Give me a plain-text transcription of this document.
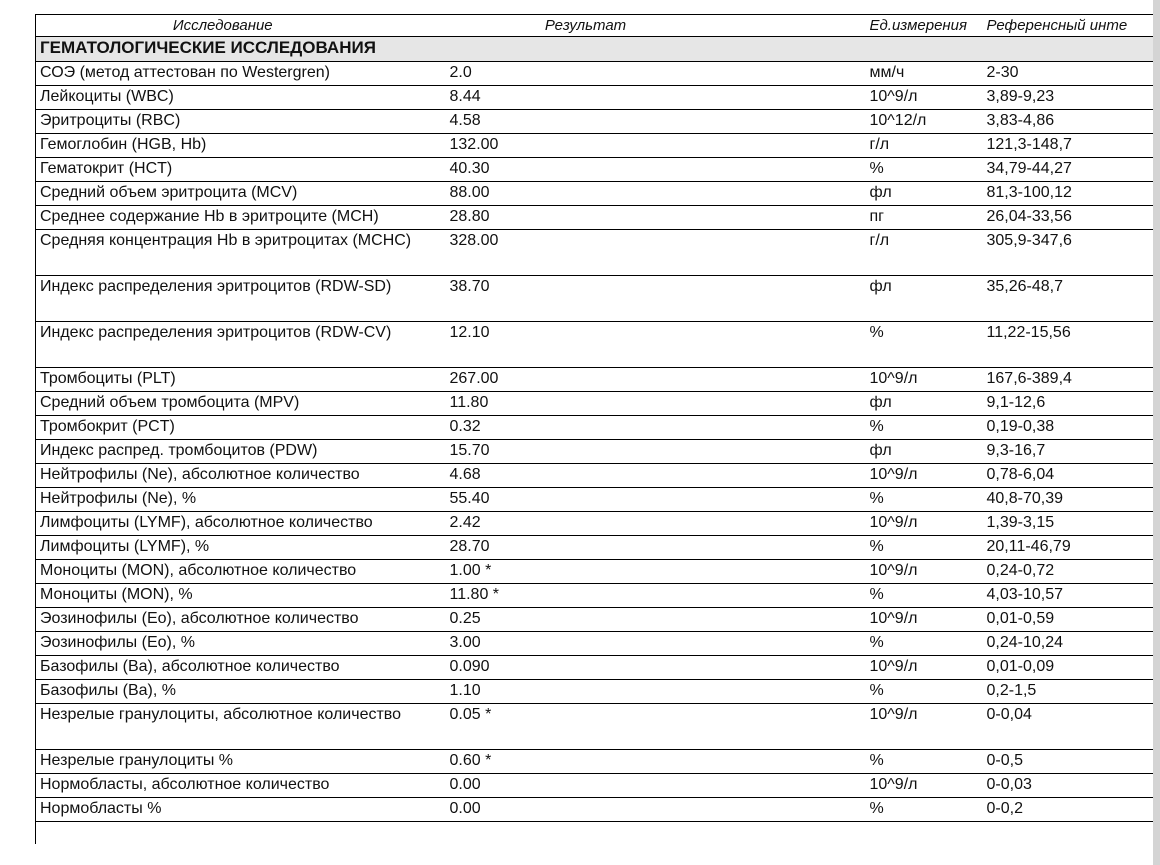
Исследование	Результат	Ед.измерения	Референсный инте
ГЕМАТОЛОГИЧЕСКИЕ ИССЛЕДОВАНИЯ			
СОЭ (метод аттестован по Westergren)	2.0	мм/ч	2-30
Лейкоциты (WBC)	8.44	10^9/л	3,89-9,23
Эритроциты (RBC)	4.58	10^12/л	3,83-4,86
Гемоглобин (HGB, Hb)	132.00	г/л	121,3-148,7
Гематокрит (HCT)	40.30	%	34,79-44,27
Средний объем эритроцита (MCV)	88.00	фл	81,3-100,12
Среднее содержание Hb в эритроците (MCH)	28.80	пг	26,04-33,56
Средняя концентрация Hb в эритроцитах (MCHC)	328.00	г/л	305,9-347,6
Индекс распределения эритроцитов (RDW-SD)	38.70	фл	35,26-48,7
Индекс распределения эритроцитов (RDW-CV)	12.10	%	11,22-15,56
Тромбоциты (PLT)	267.00	10^9/л	167,6-389,4
Средний объем тромбоцита (MPV)	11.80	фл	9,1-12,6
Тромбокрит (PCT)	0.32	%	0,19-0,38
Индекс распред. тромбоцитов (PDW)	15.70	фл	9,3-16,7
Нейтрофилы (Ne), абсолютное количество	4.68	10^9/л	0,78-6,04
Нейтрофилы (Ne), %	55.40	%	40,8-70,39
Лимфоциты (LYMF), абсолютное количество	2.42	10^9/л	1,39-3,15
Лимфоциты (LYMF), %	28.70	%	20,11-46,79
Моноциты (MON), абсолютное количество	1.00 *	10^9/л	0,24-0,72
Моноциты (MON), %	11.80 *	%	4,03-10,57
Эозинофилы (Eo), абсолютное количество	0.25	10^9/л	0,01-0,59
Эозинофилы (Eo), %	3.00	%	0,24-10,24
Базофилы (Ba), абсолютное количество	0.090	10^9/л	0,01-0,09
Базофилы (Ba), %	1.10	%	0,2-1,5
Незрелые гранулоциты, абсолютное количество	0.05 *	10^9/л	0-0,04
Незрелые гранулоциты %	0.60 *	%	0-0,5
Нормобласты, абсолютное количество	0.00	10^9/л	0-0,03
Нормобласты %	0.00	%	0-0,2
